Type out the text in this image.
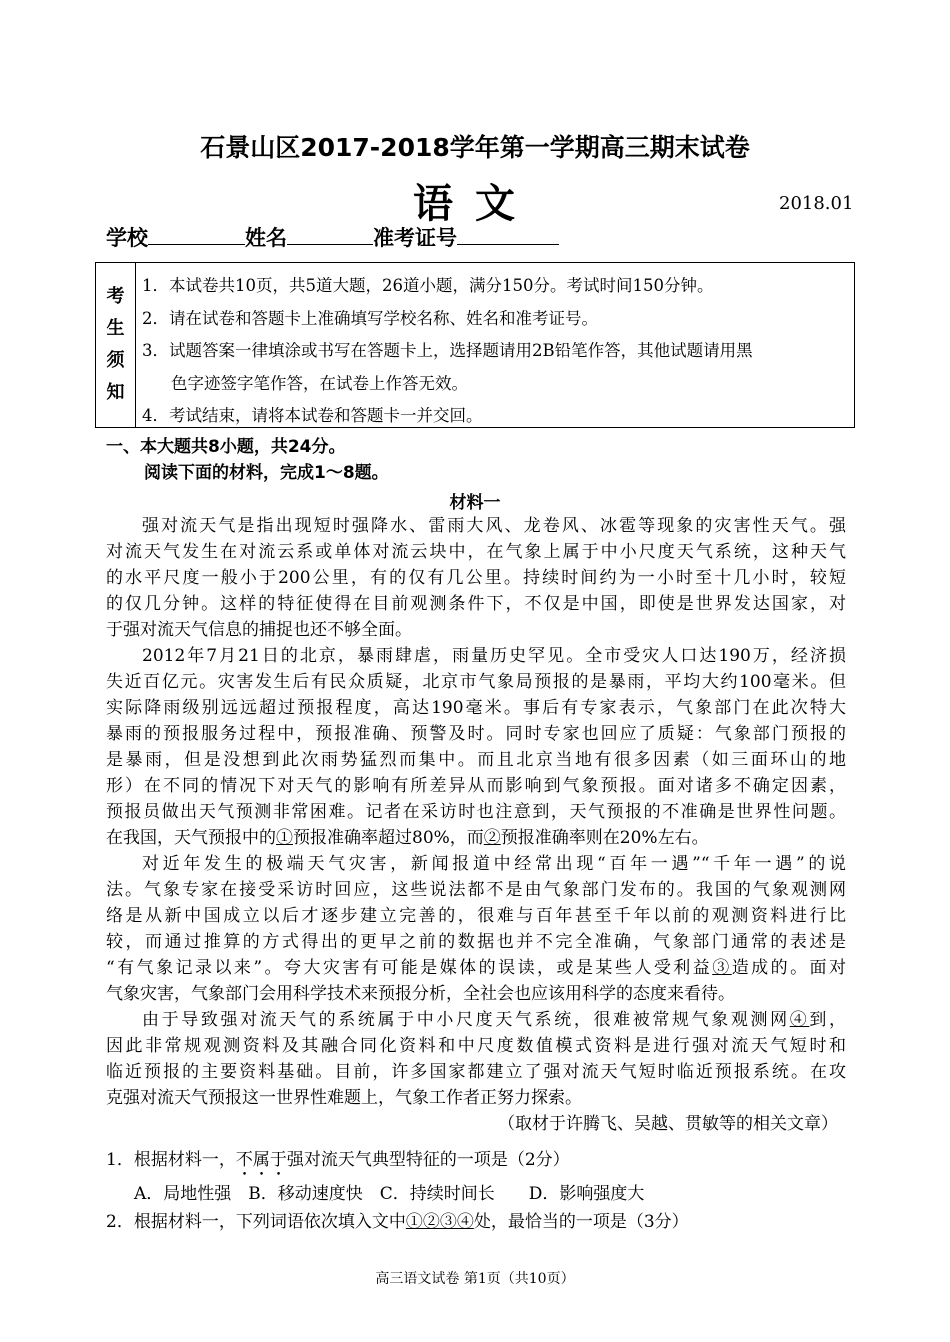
石景山区2017-2018学年第一学期高三期末试卷
语文	2018.01
学校	姓名	准考证号
考
生
须
知
1．本试卷共10页，共5道大题，26道小题，满分150分。考试时间150分钟。
2．请在试卷和答题卡上准确填写学校名称、姓名和准考证号。
3．试题答案一律填涂或书写在答题卡上，选择题请用2B铅笔作答，其他试题请用黑
色字迹签字笔作答，在试卷上作答无效。
4．考试结束，请将本试卷和答题卡一并交回。
一、本大题共8小题，共24分。
阅读下面的材料，完成1～8题。
材料一
强对流天气是指出现短时强降水、雷雨大风、龙卷风、冰雹等现象的灾害性天气。强
对流天气发生在对流云系或单体对流云块中，在气象上属于中小尺度天气系统，这种天气
的水平尺度一般小于200公里，有的仅有几公里。持续时间约为一小时至十几小时，较短
的仅几分钟。这样的特征使得在目前观测条件下，不仅是中国，即使是世界发达国家，对
于强对流天气信息的捕捉也还不够全面。
2012年7月21日的北京，暴雨肆虐，雨量历史罕见。全市受灾人口达190万，经济损
失近百亿元。灾害发生后有民众质疑，北京市气象局预报的是暴雨，平均大约100毫米。但
实际降雨级别远远超过预报程度，高达190毫米。事后有专家表示，气象部门在此次特大
暴雨的预报服务过程中，预报准确、预警及时。同时专家也回应了质疑：气象部门预报的
是暴雨，但是没想到此次雨势猛烈而集中。而且北京当地有很多因素（如三面环山的地
形）在不同的情况下对天气的影响有所差异从而影响到气象预报。面对诸多不确定因素，
预报员做出天气预测非常困难。记者在采访时也注意到，天气预报的不准确是世界性问题。
在我国，天气预报中的①预报准确率超过80%，而②预报准确率则在20%左右。
对近年发生的极端天气灾害，新闻报道中经常出现“百年一遇”“千年一遇”的说
法。气象专家在接受采访时回应，这些说法都不是由气象部门发布的。我国的气象观测网
络是从新中国成立以后才逐步建立完善的，很难与百年甚至千年以前的观测资料进行比
较，而通过推算的方式得出的更早之前的数据也并不完全准确，气象部门通常的表述是
“有气象记录以来”。夸大灾害有可能是媒体的误读，或是某些人受利益③造成的。面对
气象灾害，气象部门会用科学技术来预报分析，全社会也应该用科学的态度来看待。
由于导致强对流天气的系统属于中小尺度天气系统，很难被常规气象观测网④到，
因此非常规观测资料及其融合同化资料和中尺度数值模式资料是进行强对流天气短时和
临近预报的主要资料基础。目前，许多国家都建立了强对流天气短时临近预报系统。在攻
克强对流天气预报这一世界性难题上，气象工作者正努力探索。
（取材于许腾飞、吴越、贯敏等的相关文章）
1．根据材料一，不属于强对流天气典型特征的一项是（2分）
A．局地性强　B．移动速度快　C．持续时间长　　D．影响强度大
2．根据材料一，下列词语依次填入文中①②③④处，最恰当的一项是（3分）
高三语文试卷 第1页（共10页）
